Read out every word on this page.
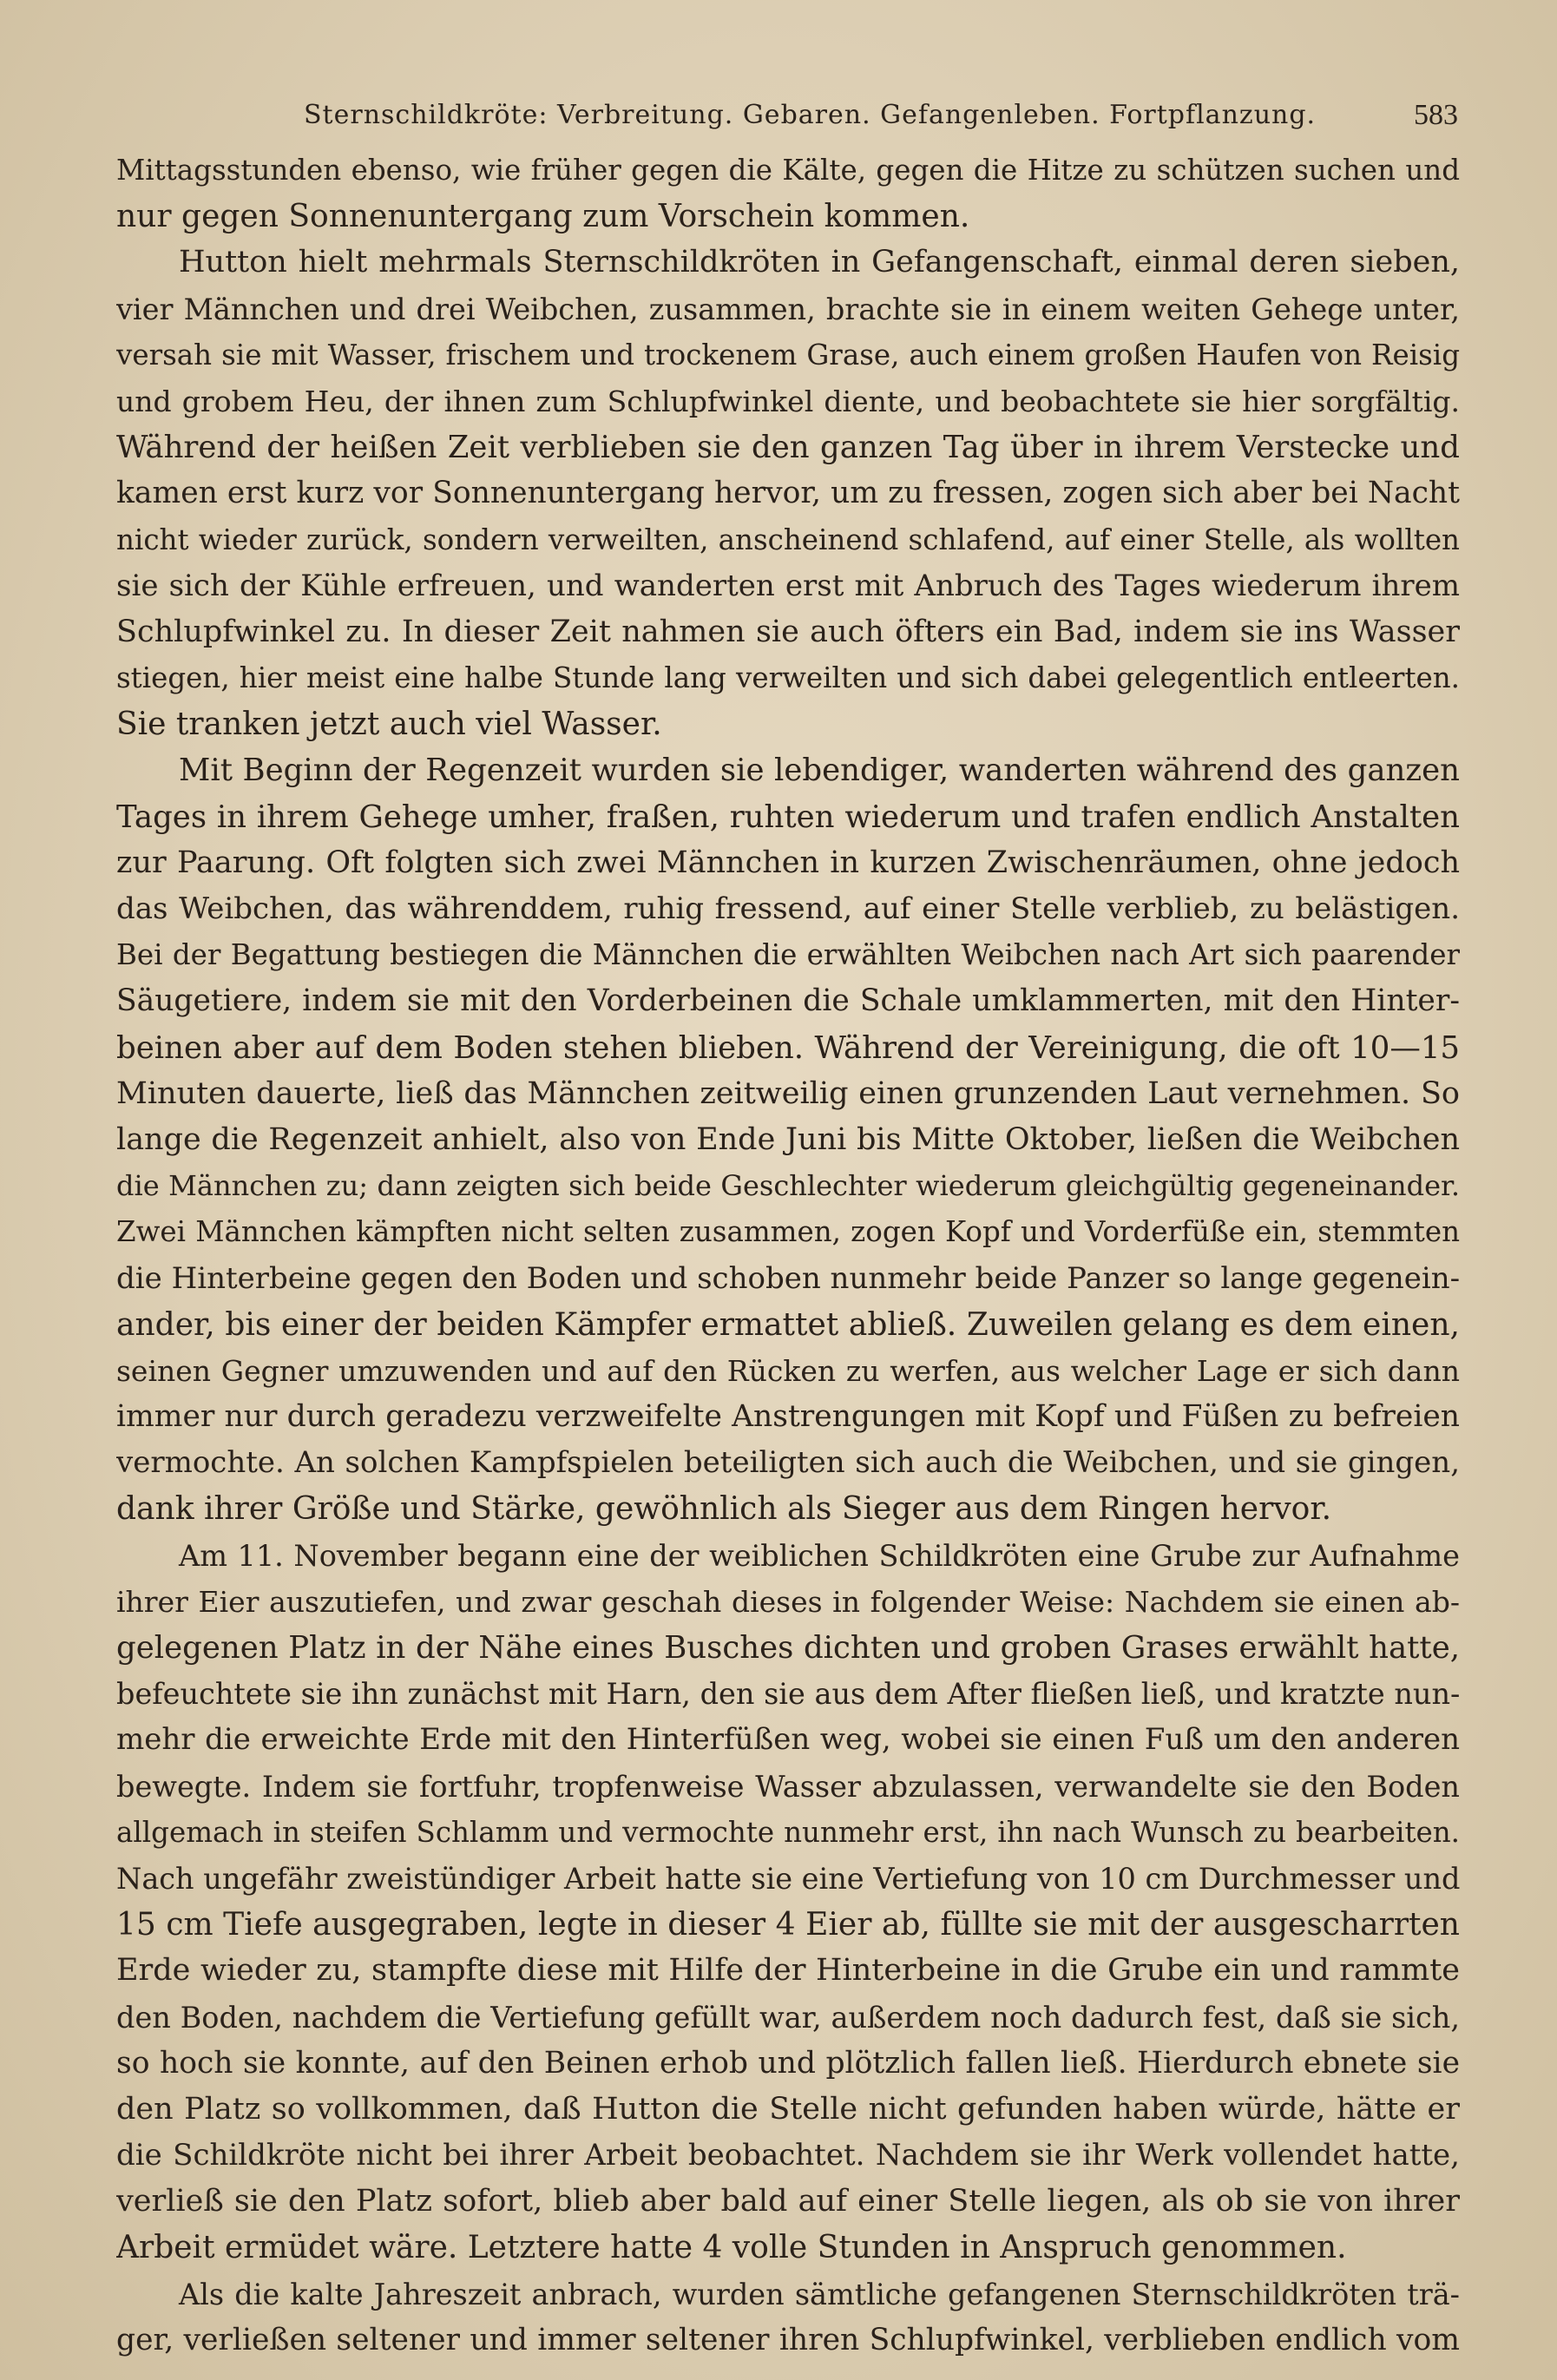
Sternschildkröte: Verbreitung. Gebaren. Gefangenleben. Fortpflanzung.	583

Mittagsstunden ebenso, wie früher gegen die Kälte, gegen die Hitze zu schützen suchen und
nur gegen Sonnenuntergang zum Vorschein kommen.

Hutton hielt mehrmals Sternschildkröten in Gefangenschaft, einmal deren sieben,
vier Männchen und drei Weibchen, zusammen, brachte sie in einem weiten Gehege unter,
versah sie mit Wasser, frischem und trockenem Grase, auch einem großen Haufen von Reisig
und grobem Heu, der ihnen zum Schlupfwinkel diente, und beobachtete sie hier sorgfältig.
Während der heißen Zeit verblieben sie den ganzen Tag über in ihrem Verstecke und
kamen erst kurz vor Sonnenuntergang hervor, um zu fressen, zogen sich aber bei Nacht
nicht wieder zurück, sondern verweilten, anscheinend schlafend, auf einer Stelle, als wollten
sie sich der Kühle erfreuen, und wanderten erst mit Anbruch des Tages wiederum ihrem
Schlupfwinkel zu. In dieser Zeit nahmen sie auch öfters ein Bad, indem sie ins Wasser
stiegen, hier meist eine halbe Stunde lang verweilten und sich dabei gelegentlich entleerten.
Sie tranken jetzt auch viel Wasser.

Mit Beginn der Regenzeit wurden sie lebendiger, wanderten während des ganzen
Tages in ihrem Gehege umher, fraßen, ruhten wiederum und trafen endlich Anstalten
zur Paarung. Oft folgten sich zwei Männchen in kurzen Zwischenräumen, ohne jedoch
das Weibchen, das währenddem, ruhig fressend, auf einer Stelle verblieb, zu belästigen.
Bei der Begattung bestiegen die Männchen die erwählten Weibchen nach Art sich paarender
Säugetiere, indem sie mit den Vorderbeinen die Schale umklammerten, mit den Hinter-
beinen aber auf dem Boden stehen blieben. Während der Vereinigung, die oft 10—15
Minuten dauerte, ließ das Männchen zeitweilig einen grunzenden Laut vernehmen. So
lange die Regenzeit anhielt, also von Ende Juni bis Mitte Oktober, ließen die Weibchen
die Männchen zu; dann zeigten sich beide Geschlechter wiederum gleichgültig gegeneinander.
Zwei Männchen kämpften nicht selten zusammen, zogen Kopf und Vorderfüße ein, stemmten
die Hinterbeine gegen den Boden und schoben nunmehr beide Panzer so lange gegenein-
ander, bis einer der beiden Kämpfer ermattet abließ. Zuweilen gelang es dem einen,
seinen Gegner umzuwenden und auf den Rücken zu werfen, aus welcher Lage er sich dann
immer nur durch geradezu verzweifelte Anstrengungen mit Kopf und Füßen zu befreien
vermochte. An solchen Kampfspielen beteiligten sich auch die Weibchen, und sie gingen,
dank ihrer Größe und Stärke, gewöhnlich als Sieger aus dem Ringen hervor.

Am 11. November begann eine der weiblichen Schildkröten eine Grube zur Aufnahme
ihrer Eier auszutiefen, und zwar geschah dieses in folgender Weise: Nachdem sie einen ab-
gelegenen Platz in der Nähe eines Busches dichten und groben Grases erwählt hatte,
befeuchtete sie ihn zunächst mit Harn, den sie aus dem After fließen ließ, und kratzte nun-
mehr die erweichte Erde mit den Hinterfüßen weg, wobei sie einen Fuß um den anderen
bewegte. Indem sie fortfuhr, tropfenweise Wasser abzulassen, verwandelte sie den Boden
allgemach in steifen Schlamm und vermochte nunmehr erst, ihn nach Wunsch zu bearbeiten.
Nach ungefähr zweistündiger Arbeit hatte sie eine Vertiefung von 10 cm Durchmesser und
15 cm Tiefe ausgegraben, legte in dieser 4 Eier ab, füllte sie mit der ausgescharrten
Erde wieder zu, stampfte diese mit Hilfe der Hinterbeine in die Grube ein und rammte
den Boden, nachdem die Vertiefung gefüllt war, außerdem noch dadurch fest, daß sie sich,
so hoch sie konnte, auf den Beinen erhob und plötzlich fallen ließ. Hierdurch ebnete sie
den Platz so vollkommen, daß Hutton die Stelle nicht gefunden haben würde, hätte er
die Schildkröte nicht bei ihrer Arbeit beobachtet. Nachdem sie ihr Werk vollendet hatte,
verließ sie den Platz sofort, blieb aber bald auf einer Stelle liegen, als ob sie von ihrer
Arbeit ermüdet wäre. Letztere hatte 4 volle Stunden in Anspruch genommen.

Als die kalte Jahreszeit anbrach, wurden sämtliche gefangenen Sternschildkröten trä-
ger, verließen seltener und immer seltener ihren Schlupfwinkel, verblieben endlich vom
